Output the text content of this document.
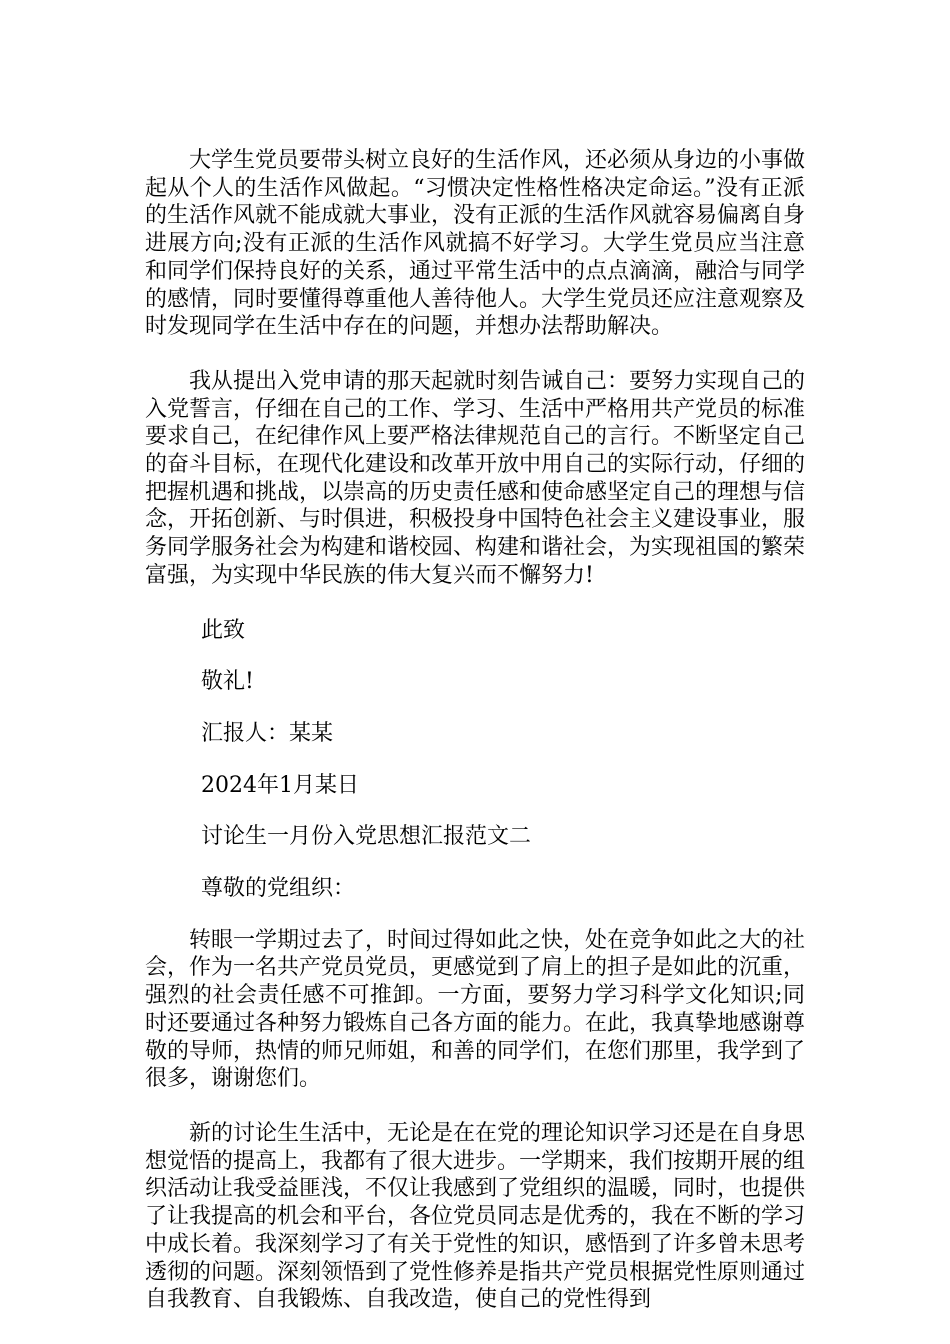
大学生党员要带头树立良好的生活作风，还必须从身边的小事做起从个人的生活作风做起。“习惯决定性格性格决定命运。”没有正派的生活作风就不能成就大事业，没有正派的生活作风就容易偏离自身进展方向;没有正派的生活作风就搞不好学习。大学生党员应当注意和同学们保持良好的关系，通过平常生活中的点点滴滴，融洽与同学的感情，同时要懂得尊重他人善待他人。大学生党员还应注意观察及时发现同学在生活中存在的问题，并想办法帮助解决。

我从提出入党申请的那天起就时刻告诫自己：要努力实现自己的入党誓言，仔细在自己的工作、学习、生活中严格用共产党员的标准要求自己，在纪律作风上要严格法律规范自己的言行。不断坚定自己的奋斗目标，在现代化建设和改革开放中用自己的实际行动，仔细的把握机遇和挑战，以崇高的历史责任感和使命感坚定自己的理想与信念，开拓创新、与时俱进，积极投身中国特色社会主义建设事业，服务同学服务社会为构建和谐校园、构建和谐社会，为实现祖国的繁荣富强，为实现中华民族的伟大复兴而不懈努力!

此致
敬礼!
汇报人：某某
2024年1月某日
讨论生一月份入党思想汇报范文二
尊敬的党组织：

转眼一学期过去了，时间过得如此之快，处在竞争如此之大的社会，作为一名共产党员党员，更感觉到了肩上的担子是如此的沉重，强烈的社会责任感不可推卸。一方面，要努力学习科学文化知识;同时还要通过各种努力锻炼自己各方面的能力。在此，我真挚地感谢尊敬的导师，热情的师兄师姐，和善的同学们，在您们那里，我学到了很多，谢谢您们。

新的讨论生生活中，无论是在在党的理论知识学习还是在自身思想觉悟的提高上，我都有了很大进步。一学期来，我们按期开展的组织活动让我受益匪浅，不仅让我感到了党组织的温暖，同时，也提供了让我提高的机会和平台，各位党员同志是优秀的，我在不断的学习中成长着。我深刻学习了有关于党性的知识，感悟到了许多曾未思考透彻的问题。深刻领悟到了党性修养是指共产党员根据党性原则通过自我教育、自我锻炼、自我改造，使自己的党性得到
